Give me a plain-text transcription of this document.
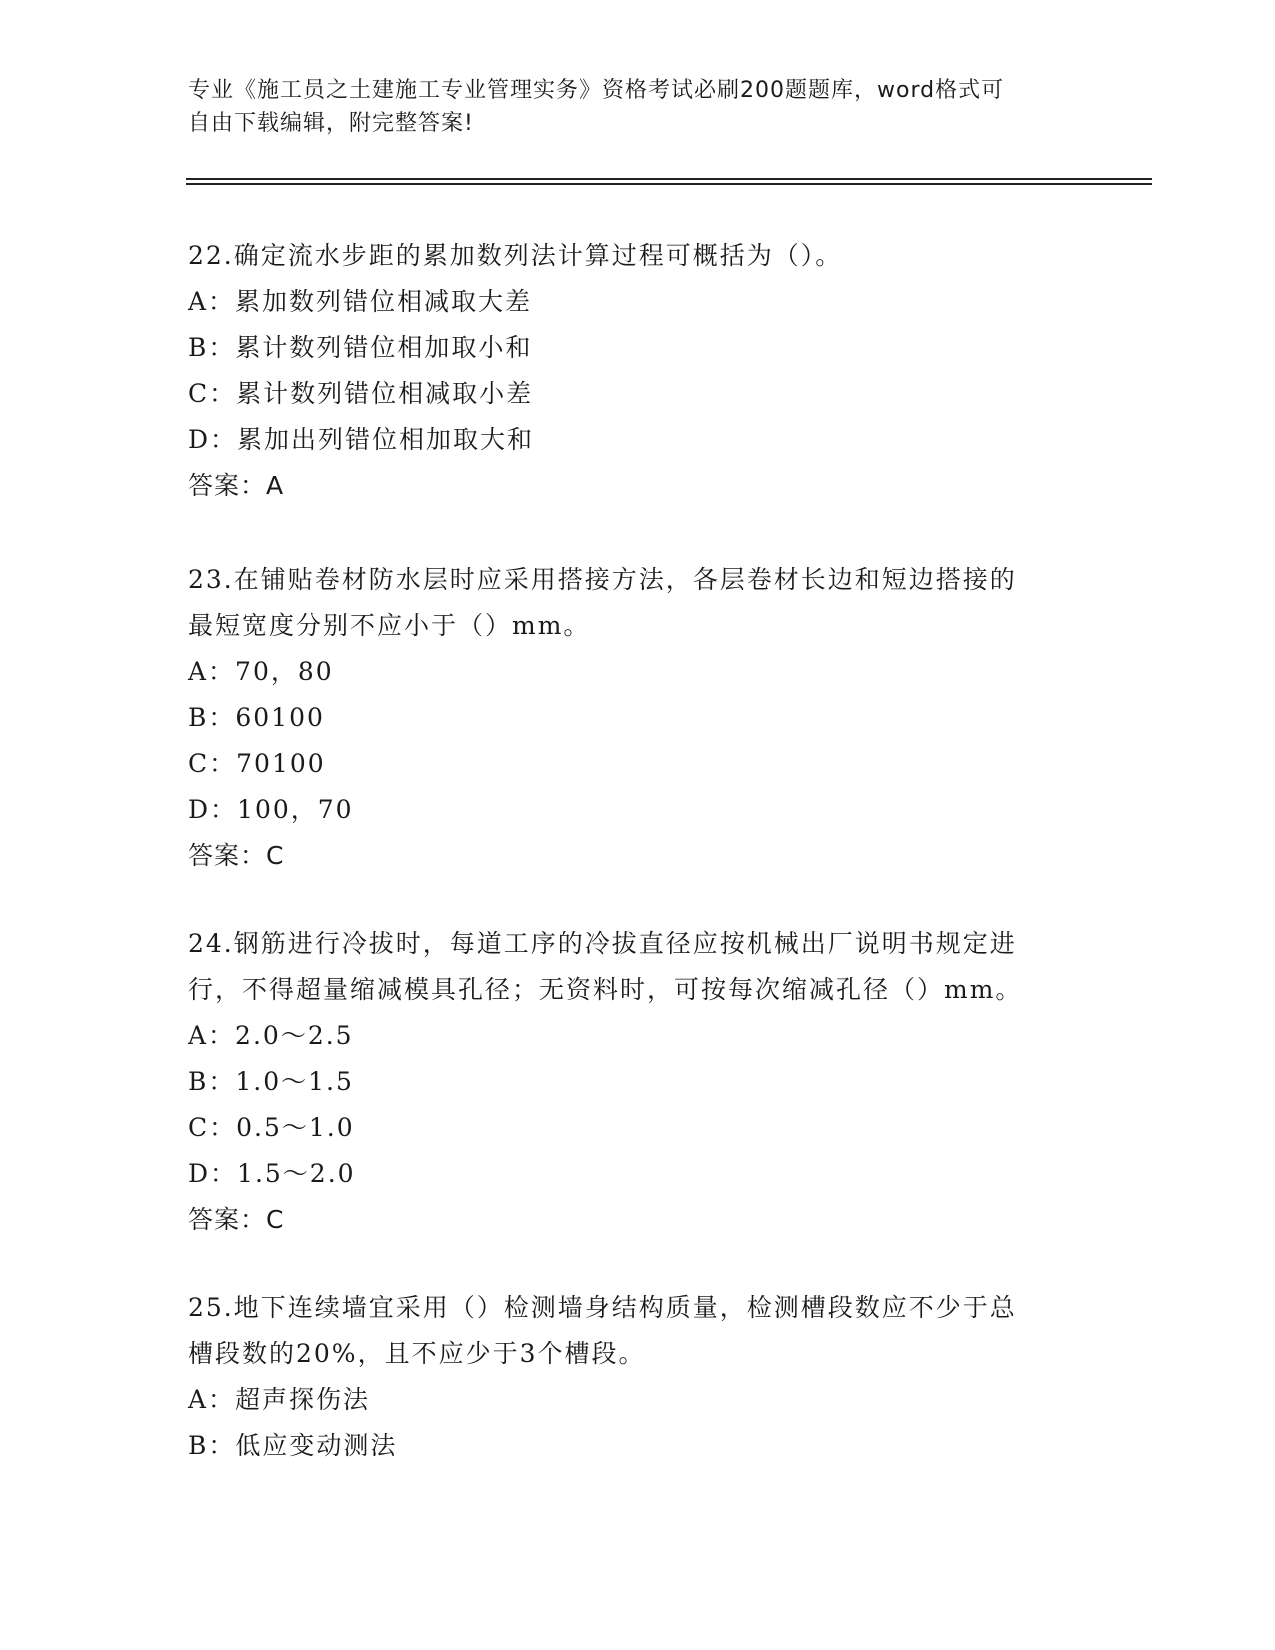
专业《施工员之土建施工专业管理实务》资格考试必刷200题题库，word格式可
自由下载编辑，附完整答案!
22.确定流水步距的累加数列法计算过程可概括为（）。
A：累加数列错位相减取大差
B：累计数列错位相加取小和
C：累计数列错位相减取小差
D：累加出列错位相加取大和
答案：A
23.在铺贴卷材防水层时应采用搭接方法，各层卷材长边和短边搭接的
最短宽度分别不应小于（）mm。
A：70，80
B：60100
C：70100
D：100，70
答案：C
24.钢筋进行冷拔时，每道工序的冷拔直径应按机械出厂说明书规定进
行，不得超量缩减模具孔径；无资料时，可按每次缩减孔径（）mm。
A：2.0～2.5
B：1.0～1.5
C：0.5～1.0
D：1.5～2.0
答案：C
25.地下连续墙宜采用（）检测墙身结构质量，检测槽段数应不少于总
槽段数的20%，且不应少于3个槽段。
A：超声探伤法
B：低应变动测法
